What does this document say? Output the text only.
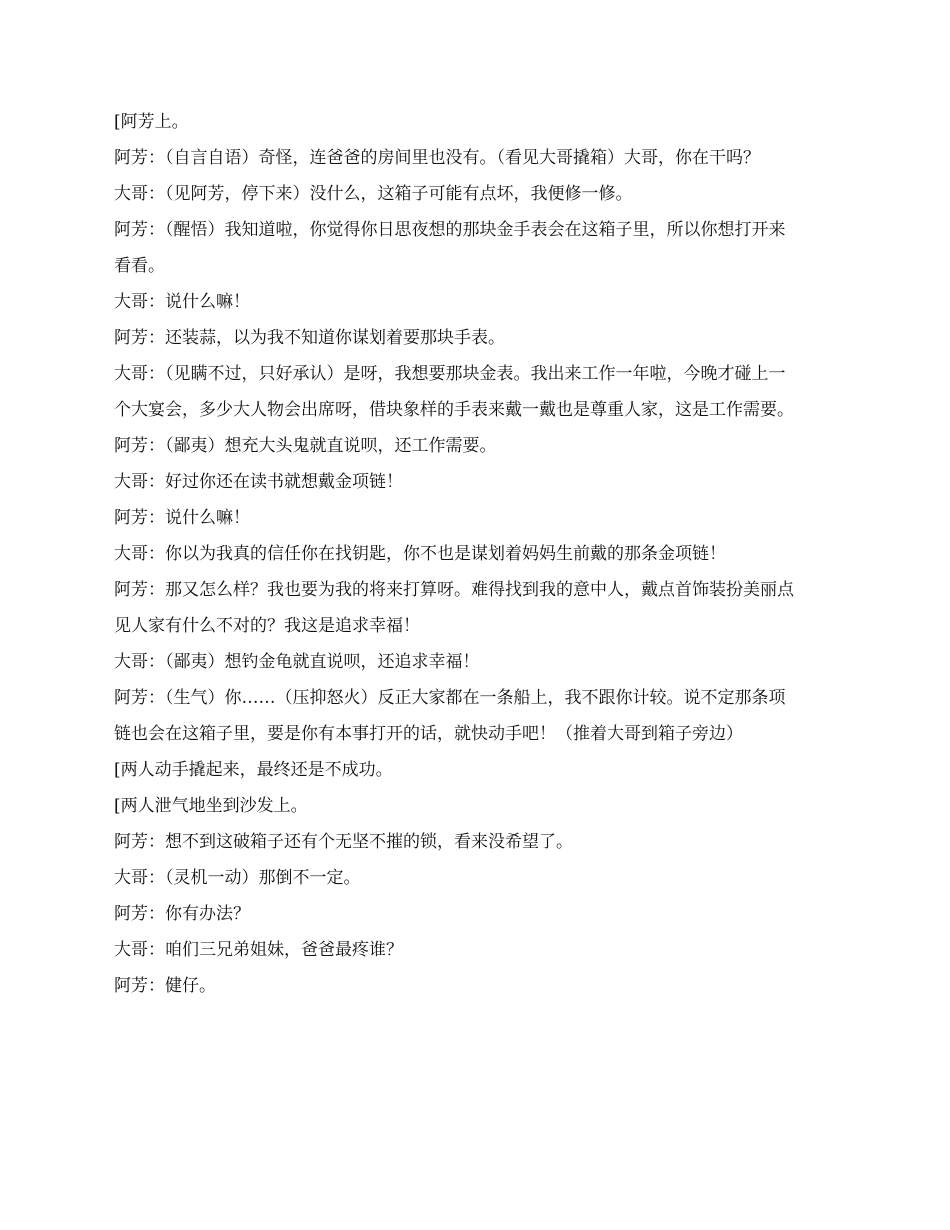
[阿芳上。

阿芳：（自言自语）奇怪，连爸爸的房间里也没有。（看见大哥撬箱）大哥，你在干吗？

大哥：（见阿芳，停下来）没什么，这箱子可能有点坏，我便修一修。

阿芳：（醒悟）我知道啦，你觉得你日思夜想的那块金手表会在这箱子里，所以你想打开来

看看。

大哥：说什么嘛！

阿芳：还装蒜，以为我不知道你谋划着要那块手表。

大哥：（见瞒不过，只好承认）是呀，我想要那块金表。我出来工作一年啦，今晚才碰上一

个大宴会，多少大人物会出席呀，借块象样的手表来戴一戴也是尊重人家，这是工作需要。

阿芳：（鄙夷）想充大头鬼就直说呗，还工作需要。

大哥：好过你还在读书就想戴金项链！

阿芳：说什么嘛！

大哥：你以为我真的信任你在找钥匙，你不也是谋划着妈妈生前戴的那条金项链！

阿芳：那又怎么样？我也要为我的将来打算呀。难得找到我的意中人，戴点首饰装扮美丽点

见人家有什么不对的？我这是追求幸福！

大哥：（鄙夷）想钓金龟就直说呗，还追求幸福！

阿芳：（生气）你……（压抑怒火）反正大家都在一条船上，我不跟你计较。说不定那条项

链也会在这箱子里，要是你有本事打开的话，就快动手吧！（推着大哥到箱子旁边）

[两人动手撬起来，最终还是不成功。

[两人泄气地坐到沙发上。

阿芳：想不到这破箱子还有个无坚不摧的锁，看来没希望了。

大哥：（灵机一动）那倒不一定。

阿芳：你有办法？

大哥：咱们三兄弟姐妹，爸爸最疼谁？

阿芳：健仔。
